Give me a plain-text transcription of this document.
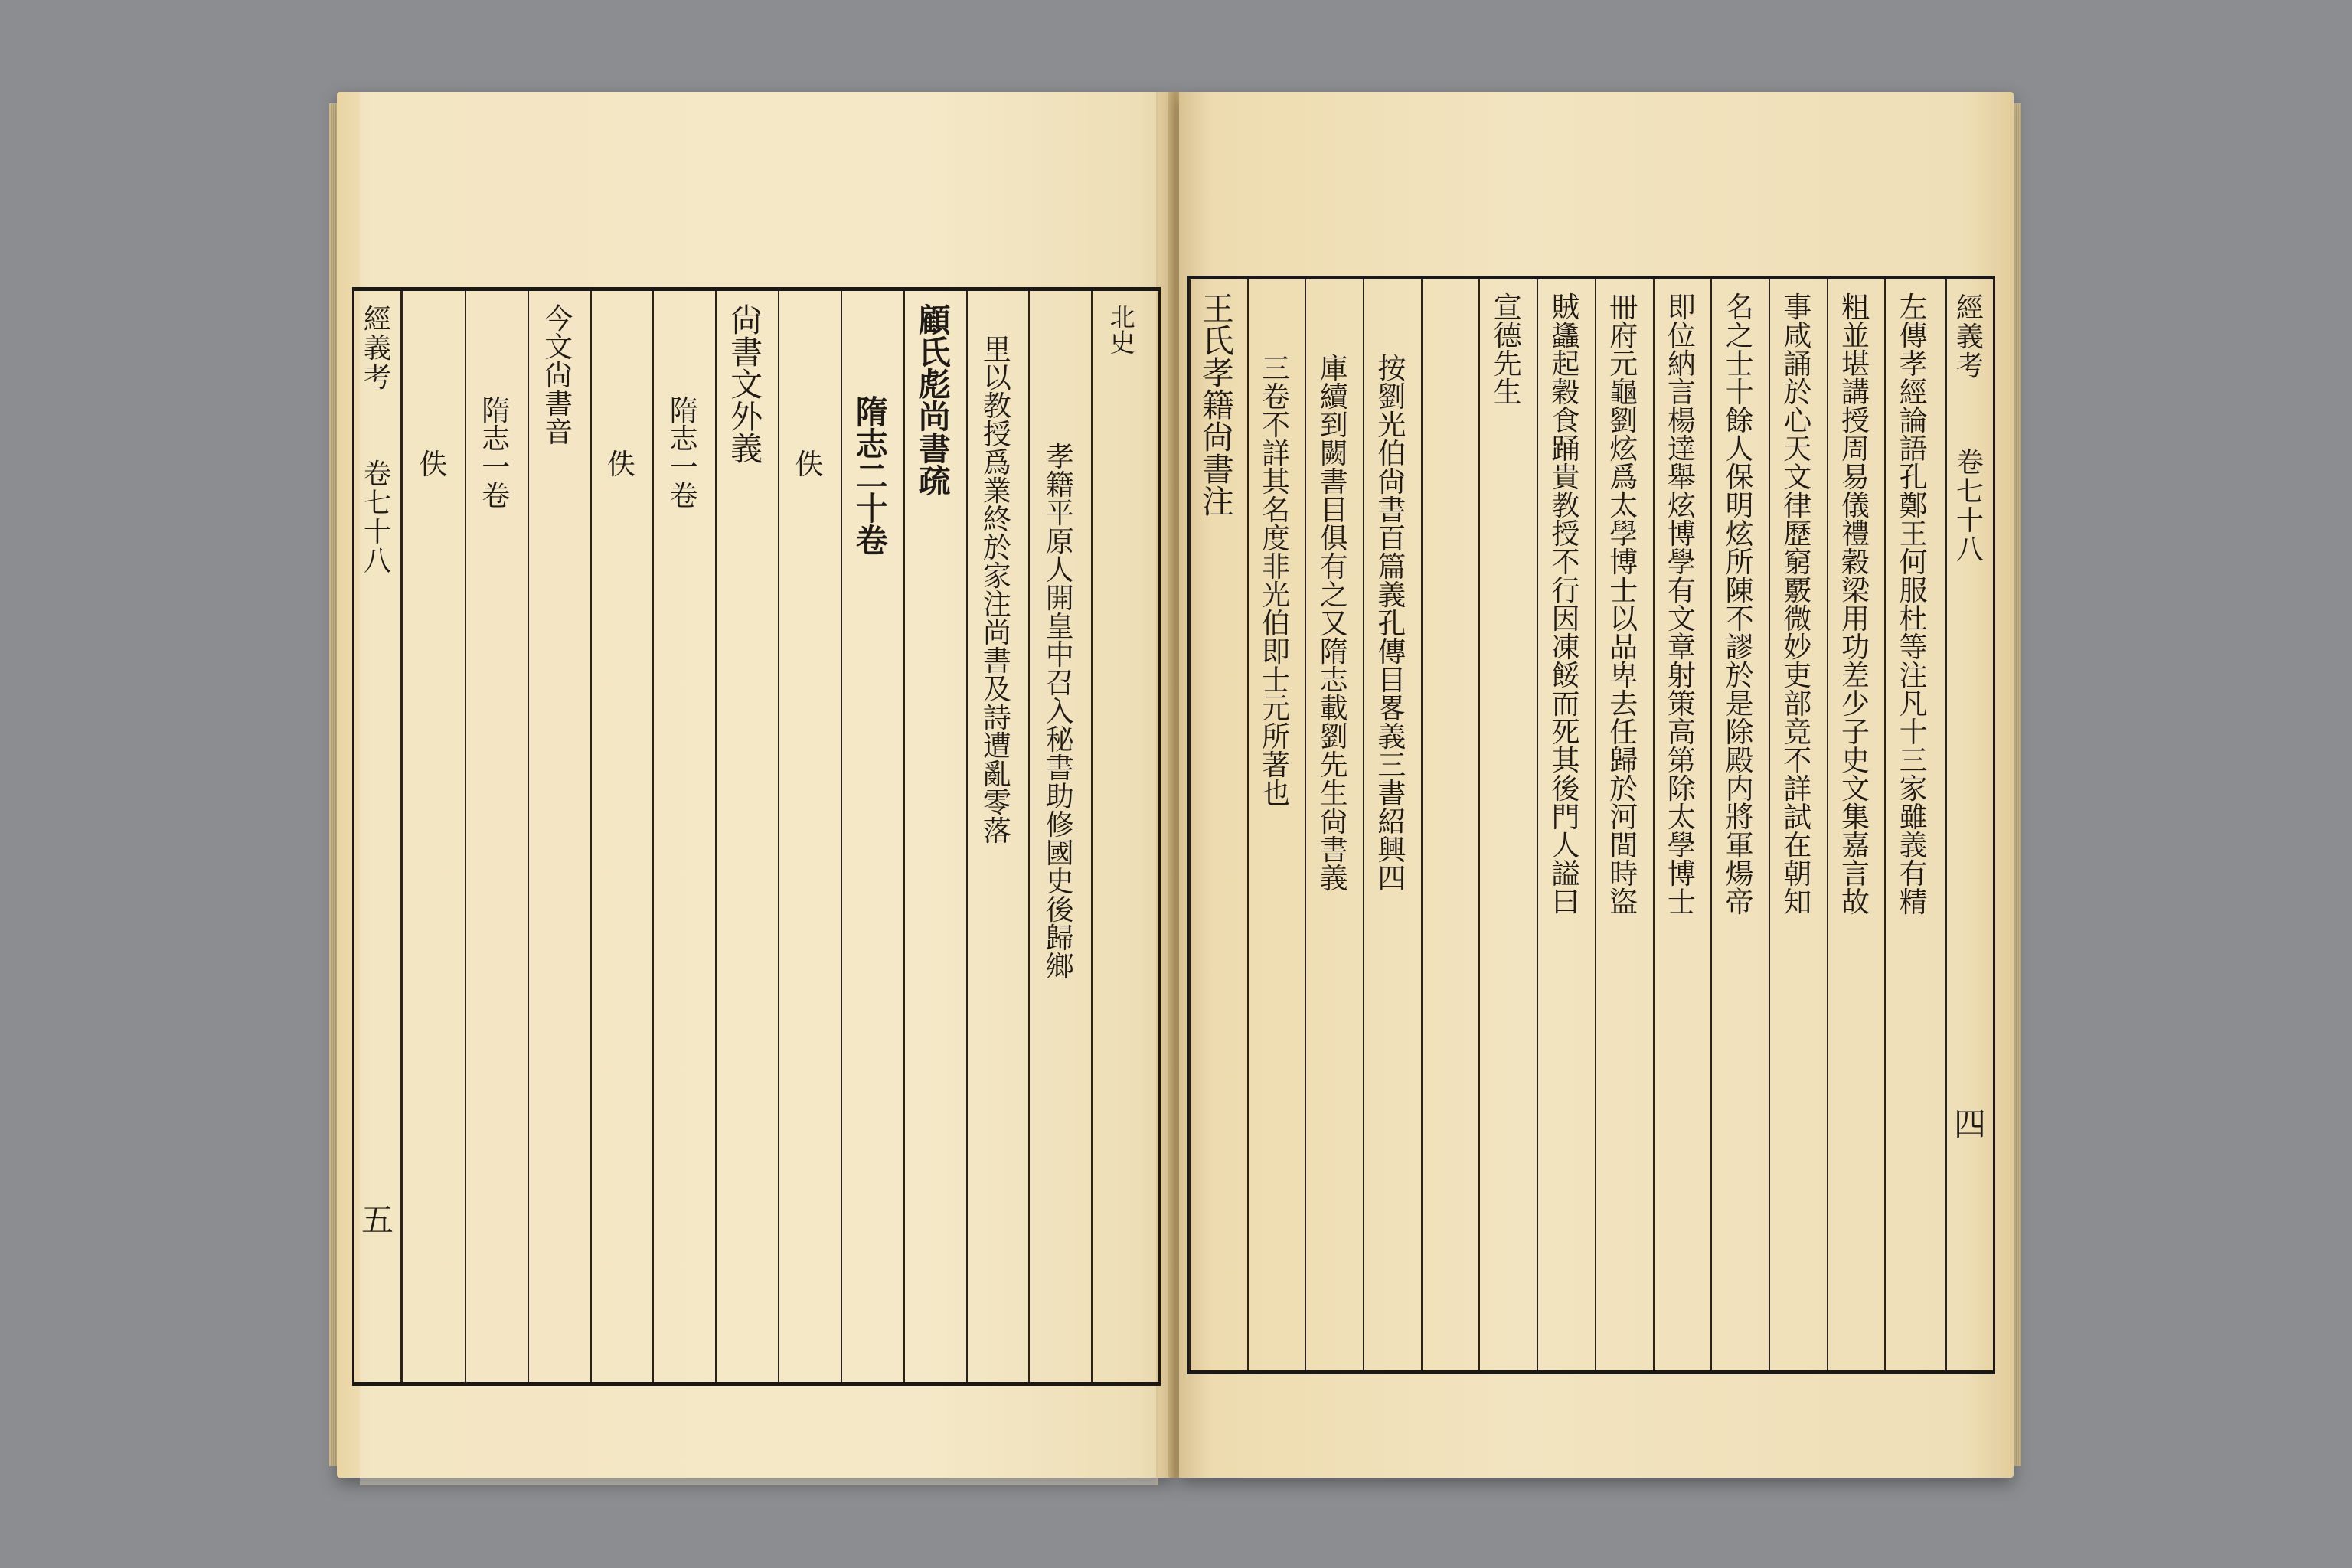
經
義
考
卷
七
十
八
五
北
史
孝
籍
平
原
人
開
皇
中
召
入
秘
書
助
修
國
史
後
歸
鄉
里
以
教
授
爲
業
終
於
家
注
尚
書
及
詩
遭
亂
零
落
顧
氏
彪
尚
書
疏
隋
志
二
十
卷
佚
尙
書
文
外
義
隋
志
一
卷
佚
今
文
尙
書
音
隋
志
一
卷
佚
經
義
考
卷
七
十
八
四
左
傳
孝
經
論
語
孔
鄭
王
何
服
杜
等
注
凡
十
三
家
雖
義
有
精
粗
並
堪
講
授
周
易
儀
禮
穀
梁
用
功
差
少
子
史
文
集
嘉
言
故
事
咸
誦
於
心
天
文
律
歷
窮
覈
微
妙
吏
部
竟
不
詳
試
在
朝
知
名
之
士
十
餘
人
保
明
炫
所
陳
不
謬
於
是
除
殿
内
將
軍
煬
帝
即
位
納
言
楊
達
舉
炫
博
學
有
文
章
射
策
高
第
除
太
學
博
士
冊
府
元
龜
劉
炫
爲
太
學
博
士
以
品
卑
去
任
歸
於
河
間
時
盜
賊
蠭
起
穀
食
踊
貴
教
授
不
行
因
凍
餒
而
死
其
後
門
人
謚
曰
宣
德
先
生
按
劉
光
伯
尙
書
百
篇
義
孔
傳
目
畧
義
三
書
紹
興
四
庫
續
到
闕
書
目
俱
有
之
又
隋
志
載
劉
先
生
尙
書
義
三
卷
不
詳
其
名
度
非
光
伯
即
士
元
所
著
也
王
氏
孝
籍
尙
書
注
